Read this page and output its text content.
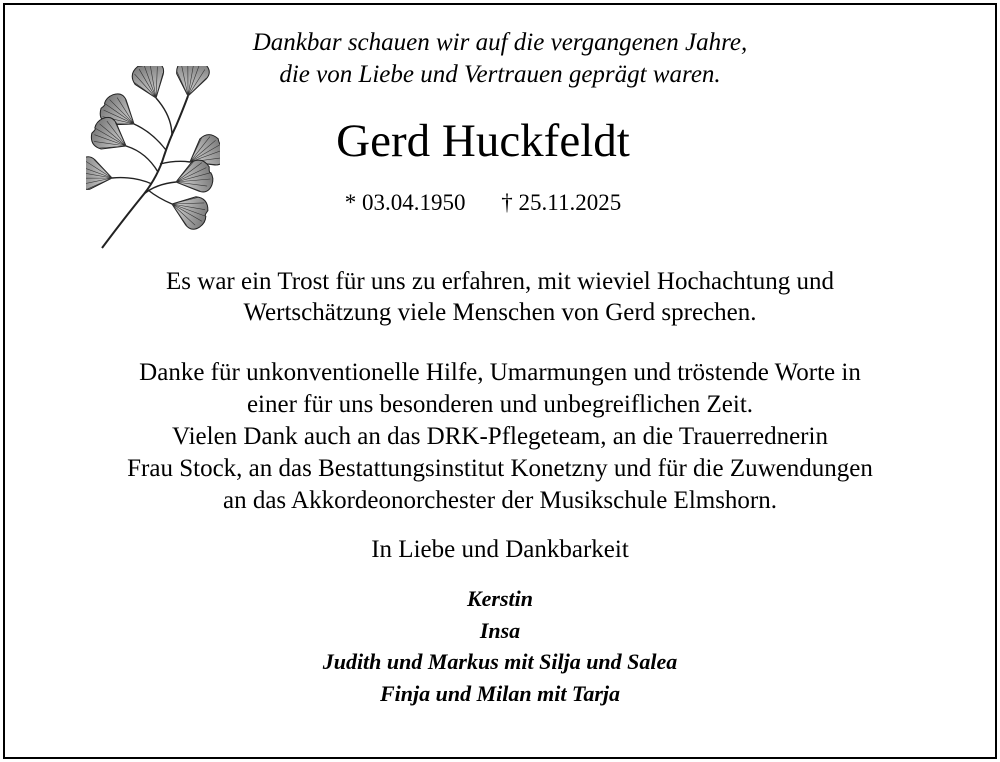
Dankbar schauen wir auf die vergangenen Jahre,
die von Liebe und Vertrauen geprägt waren.
Gerd Huckfeldt
* 03.04.1950 † 25.11.2025
Es war ein Trost für uns zu erfahren, mit wieviel Hochachtung und
Wertschätzung viele Menschen von Gerd sprechen.
Danke für unkonventionelle Hilfe, Umarmungen und tröstende Worte in
einer für uns besonderen und unbegreiflichen Zeit.
Vielen Dank auch an das DRK-Pflegeteam, an die Trauerrednerin
Frau Stock, an das Bestattungsinstitut Konetzny und für die Zuwendungen
an das Akkordeonorchester der Musikschule Elmshorn.
In Liebe und Dankbarkeit
Kerstin
Insa
Judith und Markus mit Silja und Salea
Finja und Milan mit Tarja
